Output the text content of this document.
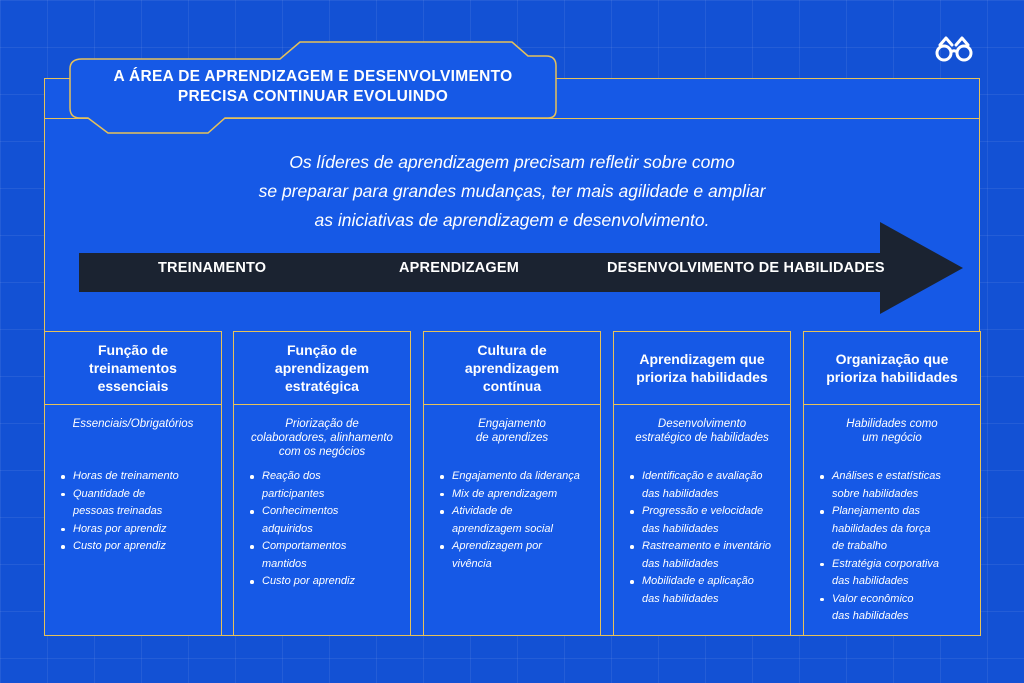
A ÁREA DE APRENDIZAGEM E DESENVOLVIMENTO
PRECISA CONTINUAR EVOLUINDO
Os líderes de aprendizagem precisam refletir sobre como
se preparar para grandes mudanças, ter mais agilidade e ampliar
as iniciativas de aprendizagem e desenvolvimento.
TREINAMENTO	APRENDIZAGEM	DESENVOLVIMENTO DE HABILIDADES
Função de
treinamentos
essenciais
Essenciais/Obrigatórios
Horas de treinamento
Quantidade de
pessoas treinadas
Horas por aprendiz
Custo por aprendiz
Função de
aprendizagem
estratégica
Priorização de
colaboradores, alinhamento
com os negócios
Reação dos
participantes
Conhecimentos
adquiridos
Comportamentos
mantidos
Custo por aprendiz
Cultura de
aprendizagem
contínua
Engajamento
de aprendizes
Engajamento da liderança
Mix de aprendizagem
Atividade de
aprendizagem social
Aprendizagem por
vivência
Aprendizagem que
prioriza habilidades
Desenvolvimento
estratégico de habilidades
Identificação e avaliação
das habilidades
Progressão e velocidade
das habilidades
Rastreamento e inventário
das habilidades
Mobilidade e aplicação
das habilidades
Organização que
prioriza habilidades
Habilidades como
um negócio
Análises e estatísticas
sobre habilidades
Planejamento das
habilidades da força
de trabalho
Estratégia corporativa
das habilidades
Valor econômico
das habilidades
